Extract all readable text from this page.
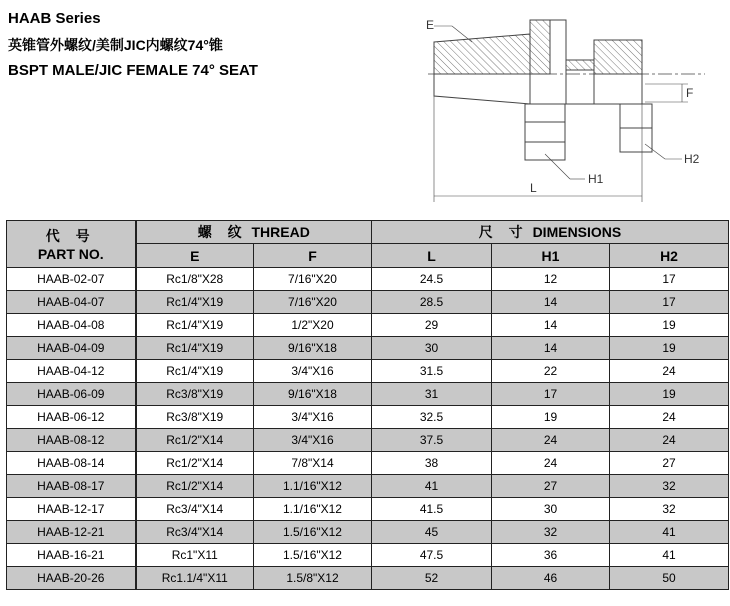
HAAB Series
英锥管外螺纹/美制JIC内螺纹74°锥
BSPT MALE/JIC FEMALE 74° SEAT
E
F
L
H1
H2
代 号
PART NO.	螺 纹 THREAD		尺 寸 DIMENSIONS		
	E	F	L	H1	H2
HAAB-02-07	Rc1/8"X28	7/16"X20	24.5	12	17
HAAB-04-07	Rc1/4"X19	7/16"X20	28.5	14	17
HAAB-04-08	Rc1/4"X19	1/2"X20	29	14	19
HAAB-04-09	Rc1/4"X19	9/16"X18	30	14	19
HAAB-04-12	Rc1/4"X19	3/4"X16	31.5	22	24
HAAB-06-09	Rc3/8"X19	9/16"X18	31	17	19
HAAB-06-12	Rc3/8"X19	3/4"X16	32.5	19	24
HAAB-08-12	Rc1/2"X14	3/4"X16	37.5	24	24
HAAB-08-14	Rc1/2"X14	7/8"X14	38	24	27
HAAB-08-17	Rc1/2"X14	1.1/16"X12	41	27	32
HAAB-12-17	Rc3/4"X14	1.1/16"X12	41.5	30	32
HAAB-12-21	Rc3/4"X14	1.5/16"X12	45	32	41
HAAB-16-21	Rc1"X11	1.5/16"X12	47.5	36	41
HAAB-20-26	Rc1.1/4"X11	1.5/8"X12	52	46	50
